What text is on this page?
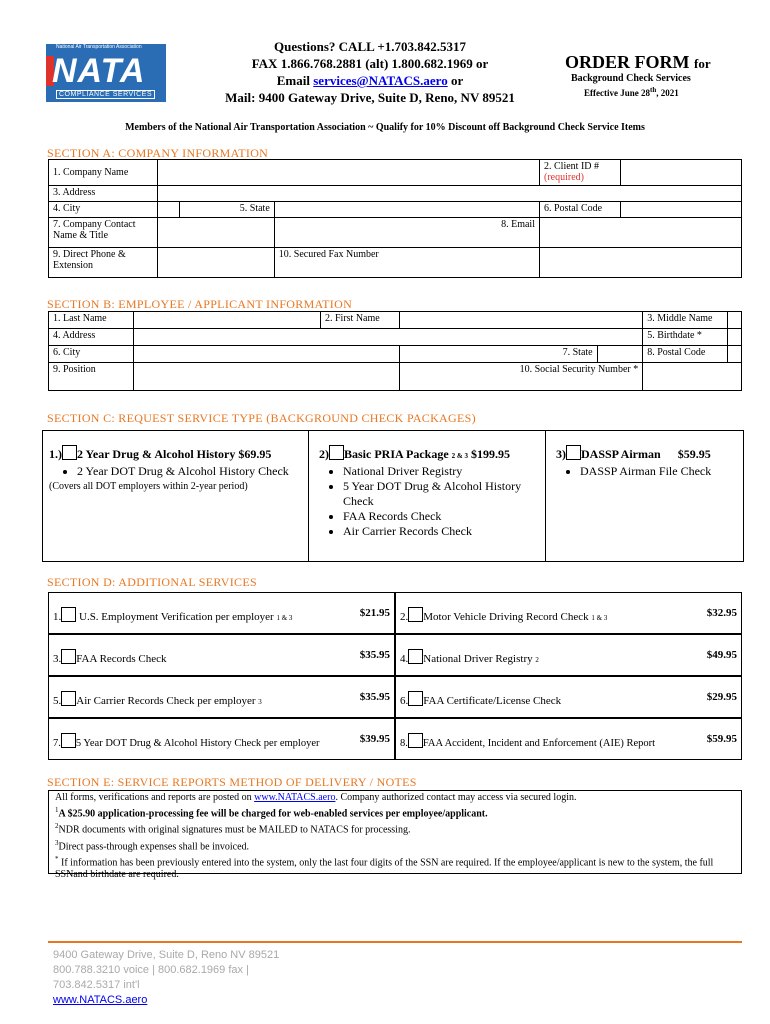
National Air Transportation Association
NATA
COMPLIANCE SERVICES
Questions? CALL +1.703.842.5317
FAX 1.866.768.2881 (alt) 1.800.682.1969 or
Email services@NATACS.aero or
Mail: 9400 Gateway Drive, Suite D, Reno, NV 89521
ORDER FORM for
Background Check Services
Effective June 28th, 2021
Members of the National Air Transportation Association ~ Qualify for 10% Discount off Background Check Service Items
SECTION A: COMPANY INFORMATION
1. Company Name				2. Client ID #
(required)	

3. Address					
4. City		5. State		6. Postal Code	
7. Company Contact Name & Title			8. Email		
9. Direct Phone & Extension			10. Secured Fax Number		
SECTION B: EMPLOYEE / APPLICANT INFORMATION
1. Last Name		2. First Name			3. Middle Name	
4. Address					5. Birthdate *	
6. City			7. State		8. Postal Code	
9. Position			10. Social Security Number *			
SECTION C: REQUEST SERVICE TYPE (BACKGROUND CHECK PACKAGES)
1.) 2 Year Drug & Alcohol History $69.95
• 2 Year DOT Drug & Alcohol History Check
(Covers all DOT employers within 2-year period)
2) Basic PRIA Package 2 & 3 $199.95
• National Driver Registry
• 5 Year DOT Drug & Alcohol History Check
• FAA Records Check
• Air Carrier Records Check
3) DASSP Airman $59.95
• DASSP Airman File Check
SECTION D: ADDITIONAL SERVICES
1. U.S. Employment Verification per employer 1 & 3	$21.95 2. Motor Vehicle Driving Record Check 1 & 3	$32.95
3. FAA Records Check	$35.95 4. National Driver Registry 2	$49.95
5. Air Carrier Records Check per employer 3	$35.95 6. FAA Certificate/License Check	$29.95
7. 5 Year DOT Drug & Alcohol History Check per employer	$39.95 8. FAA Accident, Incident and Enforcement (AIE) Report	$59.95
SECTION E: SERVICE REPORTS METHOD OF DELIVERY / NOTES

All forms, verifications and reports are posted on www.NATACS.aero. Company authorized contact may access via secured login.

$^1$A $25.90 application-processing fee will be charged for web-enabled services per employee/applicant.

$^2$NDR documents with original signatures must be MAILED to NATACS for processing.

$^3$Direct pass-through expenses shall be invoiced.

* If information has been previously entered into the system, only the last four digits of the SSN are required. If the employee/applicant is new to the system, the full SSNand birthdate are required.

9400 Gateway Drive, Suite D, Reno NV 89521
800.788.3210 voice | 800.682.1969 fax |
703.842.5317 int'l
www.NATACS.aero
